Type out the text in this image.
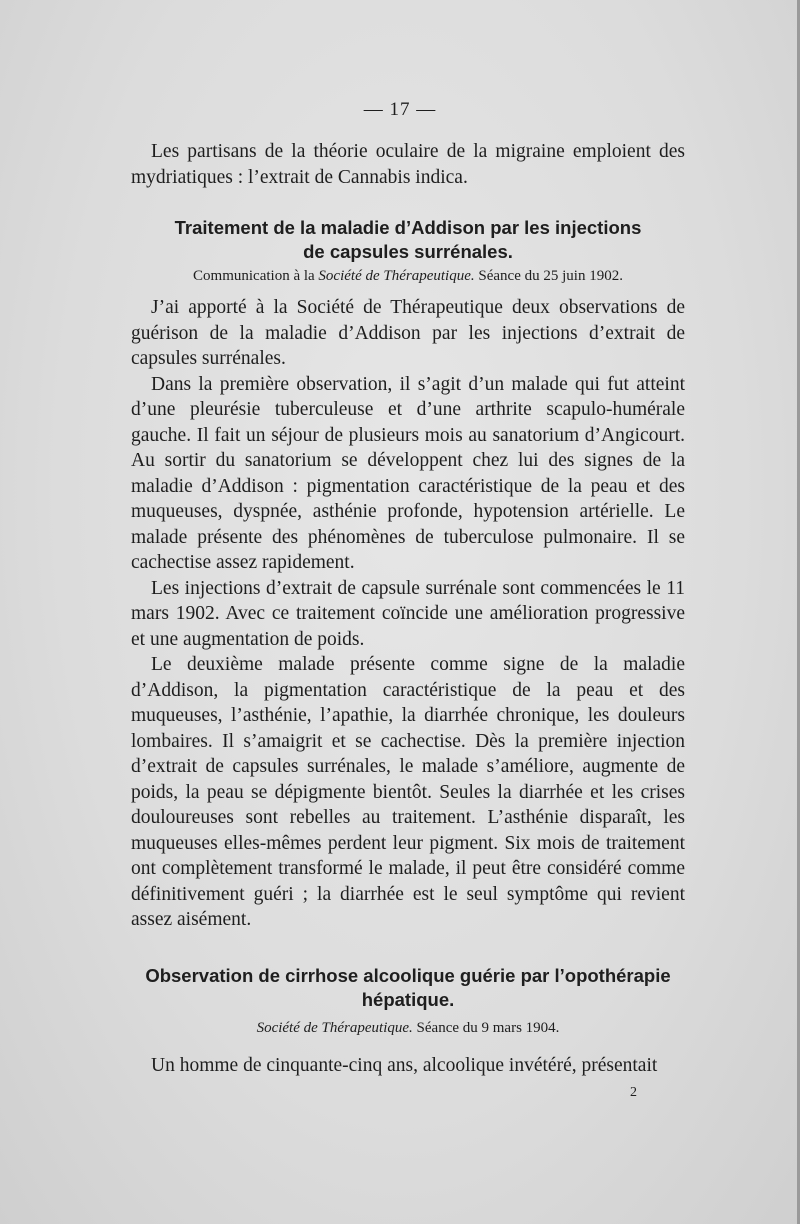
— 17 —

Les partisans de la théorie oculaire de la migraine emploient des mydriatiques : l’extrait de Cannabis indica.

Traitement de la maladie d’Addison par les injections

de capsules surrénales.

Communication à la Société de Thérapeutique. Séance du 25 juin 1902.

J’ai apporté à la Société de Thérapeutique deux observations de guérison de la maladie d’Addison par les injections d’extrait de capsules surrénales.

Dans la première observation, il s’agit d’un malade qui fut atteint d’une pleurésie tuberculeuse et d’une arthrite scapulo-humérale gauche. Il fait un séjour de plusieurs mois au sanatorium d’Angicourt. Au sortir du sanatorium se développent chez lui des signes de la maladie d’Addison : pigmentation caractéristique de la peau et des muqueuses, dyspnée, asthénie profonde, hypotension artérielle. Le malade présente des phénomènes de tuberculose pulmonaire. Il se cachectise assez rapidement.

Les injections d’extrait de capsule surrénale sont commencées le 11 mars 1902. Avec ce traitement coïncide une amélioration progressive et une augmentation de poids.

Le deuxième malade présente comme signe de la maladie d’Addison, la pigmentation caractéristique de la peau et des muqueuses, l’asthénie, l’apathie, la diarrhée chronique, les douleurs lombaires. Il s’amaigrit et se cachectise. Dès la première injection d’extrait de capsules surrénales, le malade s’améliore, augmente de poids, la peau se dépigmente bientôt. Seules la diarrhée et les crises douloureuses sont rebelles au traitement. L’asthénie disparaît, les muqueuses elles-mêmes perdent leur pigment. Six mois de traitement ont complètement transformé le malade, il peut être considéré comme définitivement guéri ; la diarrhée est le seul symptôme qui revient assez aisément.

Observation de cirrhose alcoolique guérie par l’opothérapie

hépatique.

Société de Thérapeutique. Séance du 9 mars 1904.

Un homme de cinquante-cinq ans, alcoolique invétéré, présentait

2
